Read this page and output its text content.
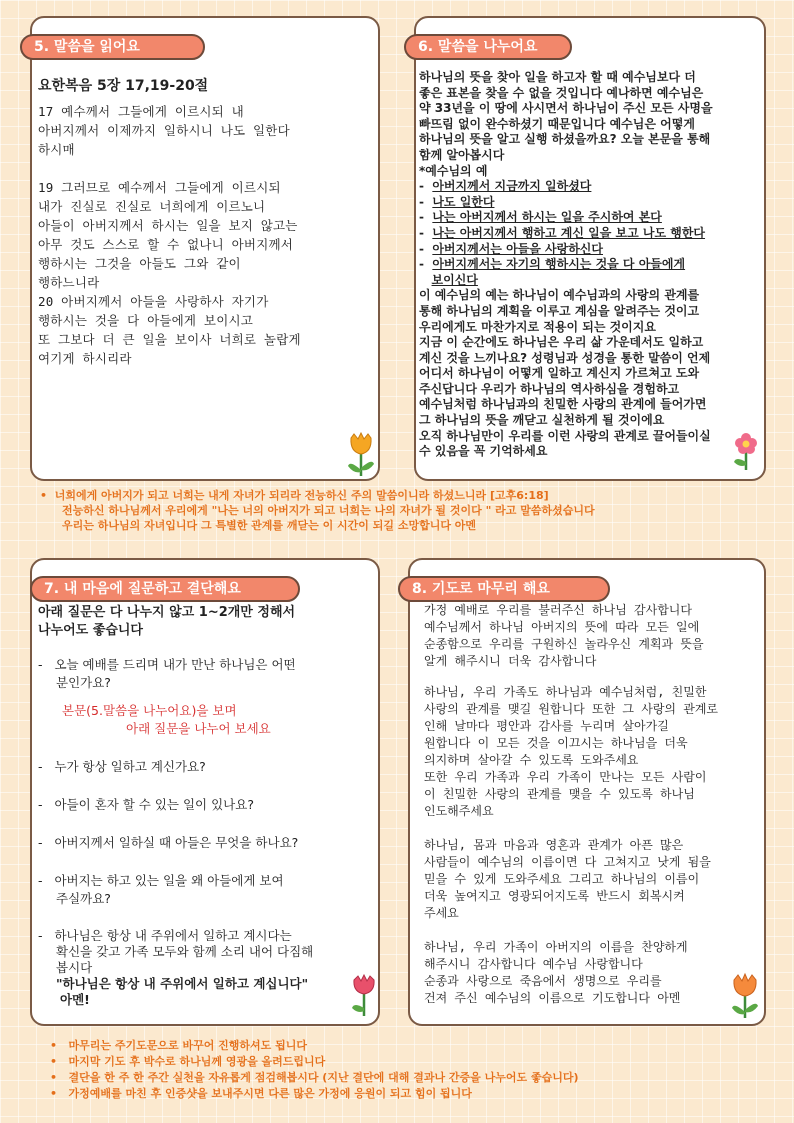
5. 말씀을 읽어요
요한복음 5장 17,19-20절
17 예수께서 그들에게 이르시되 내
아버지께서 이제까지 일하시니 나도 일한다
하시매
19 그러므로 예수께서 그들에게 이르시되
내가 진실로 진실로 너희에게 이르노니
아들이 아버지께서 하시는 일을 보지 않고는
아무 것도 스스로 할 수 없나니 아버지께서
행하시는 그것을 아들도 그와 같이
행하느니라
20 아버지께서 아들을 사랑하사 자기가
행하시는 것을 다 아들에게 보이시고
또 그보다 더 큰 일을 보이사 너희로 놀랍게
여기게 하시리라
6. 말씀을 나누어요
하나님의 뜻을 찾아 일을 하고자 할 때 예수님보다 더
좋은 표본을 찾을 수 없을 것입니다 예나하면 예수님은
약 33년을 이 땅에 사시면서 하나님이 주신 모든 사명을
빠뜨림 없이 완수하셨기 때문입니다 예수님은 어떻게
하나님의 뜻을 알고 실행 하셨을까요? 오늘 본문을 통해
함께 알아봅시다
*예수님의 예
-  아버지께서 지금까지 일하셨다
-  나도 일한다
-  나는 아버지께서 하시는 일을 주시하여 본다
-  나는 아버지께서 행하고 계신 일을 보고 나도 행한다
-  아버지께서는 아들을 사랑하신다
-  아버지께서는 자기의 행하시는 것을 다 아들에게
보이신다
이 예수님의 예는 하나님이 예수님과의 사랑의 관계를
통해 하나님의 계획을 이루고 계심을 알려주는 것이고
우리에게도 마찬가지로 적용이 되는 것이지요
지금 이 순간에도 하나님은 우리 삶 가운데서도 일하고
계신 것을 느끼나요? 성령님과 성경을 통한 말씀이 언제
어디서 하나님이 어떻게 일하고 계신지 가르쳐고 도와
주신답니다 우리가 하나님의 역사하심을 경험하고
예수님처럼 하나님과의 친밀한 사랑의 관계에 들어가면
그 하나님의 뜻을 깨닫고 실천하게 될 것이에요
오직 하나님만이 우리를 이런 사랑의 관계로 끌어들이실
수 있음을 꼭 기억하세요
• 너희에게 아버지가 되고 너희는 내게 자녀가 되리라 전능하신 주의 말씀이니라 하셨느니라 [고후6:18]
전능하신 하나님께서 우리에게 "나는 너의 아버지가 되고 너희는 나의 자녀가 될 것이다 " 라고 말씀하셨습니다
우리는 하나님의 자녀입니다 그 특별한 관계를 깨닫는 이 시간이 되길 소망합니다 아멘
7. 내 마음에 질문하고 결단해요
아래 질문은 다 나누지 않고 1~2개만 정해서
나누어도 좋습니다
-   오늘 예배를 드리며 내가 만난 하나님은 어떤
분인가요?
본문(5.말씀을 나누어요)을 보며
아래 질문을 나누어 보세요
-   누가 항상 일하고 계신가요?
-   아들이 혼자 할 수 있는 일이 있나요?
-   아버지께서 일하실 때 아들은 무엇을 하나요?
-   아버지는 하고 있는 일을 왜 아들에게 보여
주실까요?
-   하나님은 항상 내 주위에서 일하고 계시다는
확신을 갖고 가족 모두와 함께 소리 내어 다짐해
봅시다
"하나님은 항상 내 주위에서 일하고 계십니다"
아멘!
8. 기도로 마무리 해요
가정 예배로 우리를 불러주신 하나님 감사합니다
예수님께서 하나님 아버지의 뜻에 따라 모든 일에
순종함으로 우리를 구원하신 놀라우신 계획과 뜻을
알게 해주시니 더욱 감사합니다
하나님, 우리 가족도 하나님과 예수님처럼, 친밀한
사랑의 관계를 맺길 원합니다 또한 그 사랑의 관계로
인해 날마다 평안과 감사를 누리며 살아가길
원합니다 이 모든 것을 이끄시는 하나님을 더욱
의지하며 살아갈 수 있도록 도와주세요
또한 우리 가족과 우리 가족이 만나는 모든 사람이
이 친밀한 사랑의 관계를 맺을 수 있도록 하나님
인도해주세요
하나님, 몸과 마음과 영혼과 관계가 아픈 많은
사람들이 예수님의 이름이면 다 고쳐지고 낫게 됨을
믿을 수 있게 도와주세요 그리고 하나님의 이름이
더욱 높여지고 영광되어지도록 반드시 회복시켜
주세요
하나님, 우리 가족이 아버지의 이름을 찬양하게
해주시니 감사합니다 예수님 사랑합니다
순종과 사랑으로 죽음에서 생명으로 우리를
건져 주신 예수님의 이름으로 기도합니다 아멘
• 마무리는 주기도문으로 바꾸어 진행하셔도 됩니다
• 마지막 기도 후 박수로 하나님께 영광을 올려드립니다
• 결단을 한 주 한 주간 실천을 자유롭게 점검해봅시다 (지난 결단에 대해 결과나 간증을 나누어도 좋습니다)
• 가정예배를 마친 후 인증샷을 보내주시면 다른 많은 가정에 응원이 되고 힘이 됩니다
